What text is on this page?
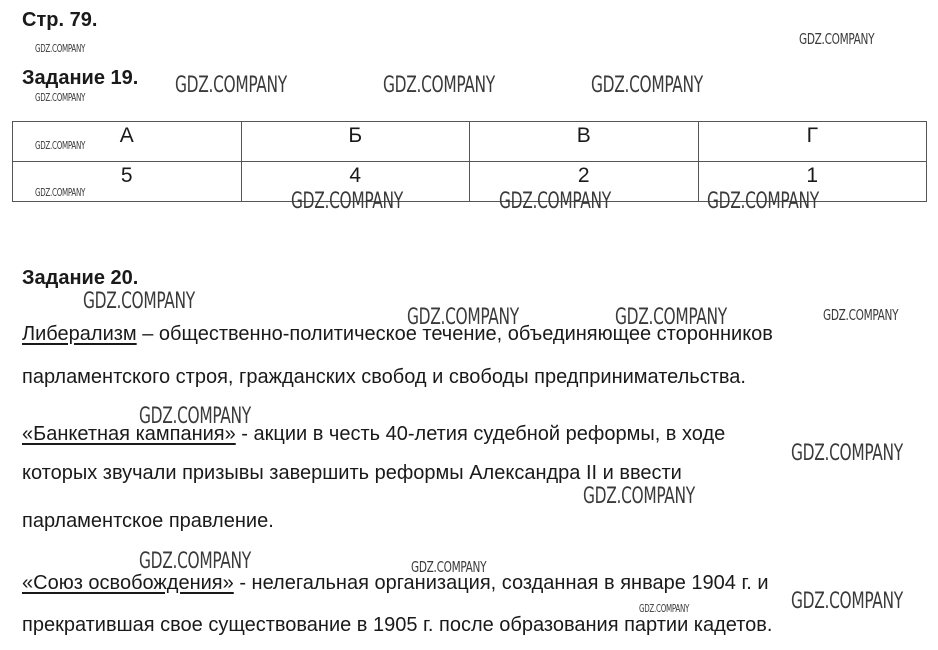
Стр. 79.
Задание 19.
А	Б	В	Г
5	4	2	1
Задание 20.
Либерализм – общественно-политическое течение, объединяющее сторонников
парламентского строя, гражданских свобод и свободы предпринимательства.
«Банкетная кампания» - акции в честь 40-летия судебной реформы, в ходе
которых звучали призывы завершить реформы Александра II и ввести
парламентское правление.
«Союз освобождения» - нелегальная организация, созданная в январе 1904 г. и
прекратившая свое существование в 1905 г. после образования партии кадетов.
GDZ.COMPANY
GDZ.COMPANY
GDZ.COMPANY	GDZ.COMPANY	GDZ.COMPANY	GDZ.COMPANY
GDZ.COMPANY
GDZ.COMPANY	GDZ.COMPANY	GDZ.COMPANY	GDZ.COMPANY
GDZ.COMPANY
GDZ.COMPANY	GDZ.COMPANY	GDZ.COMPANY
GDZ.COMPANY
GDZ.COMPANY
GDZ.COMPANY
GDZ.COMPANY	GDZ.COMPANY
GDZ.COMPANY
GDZ.COMPANY
